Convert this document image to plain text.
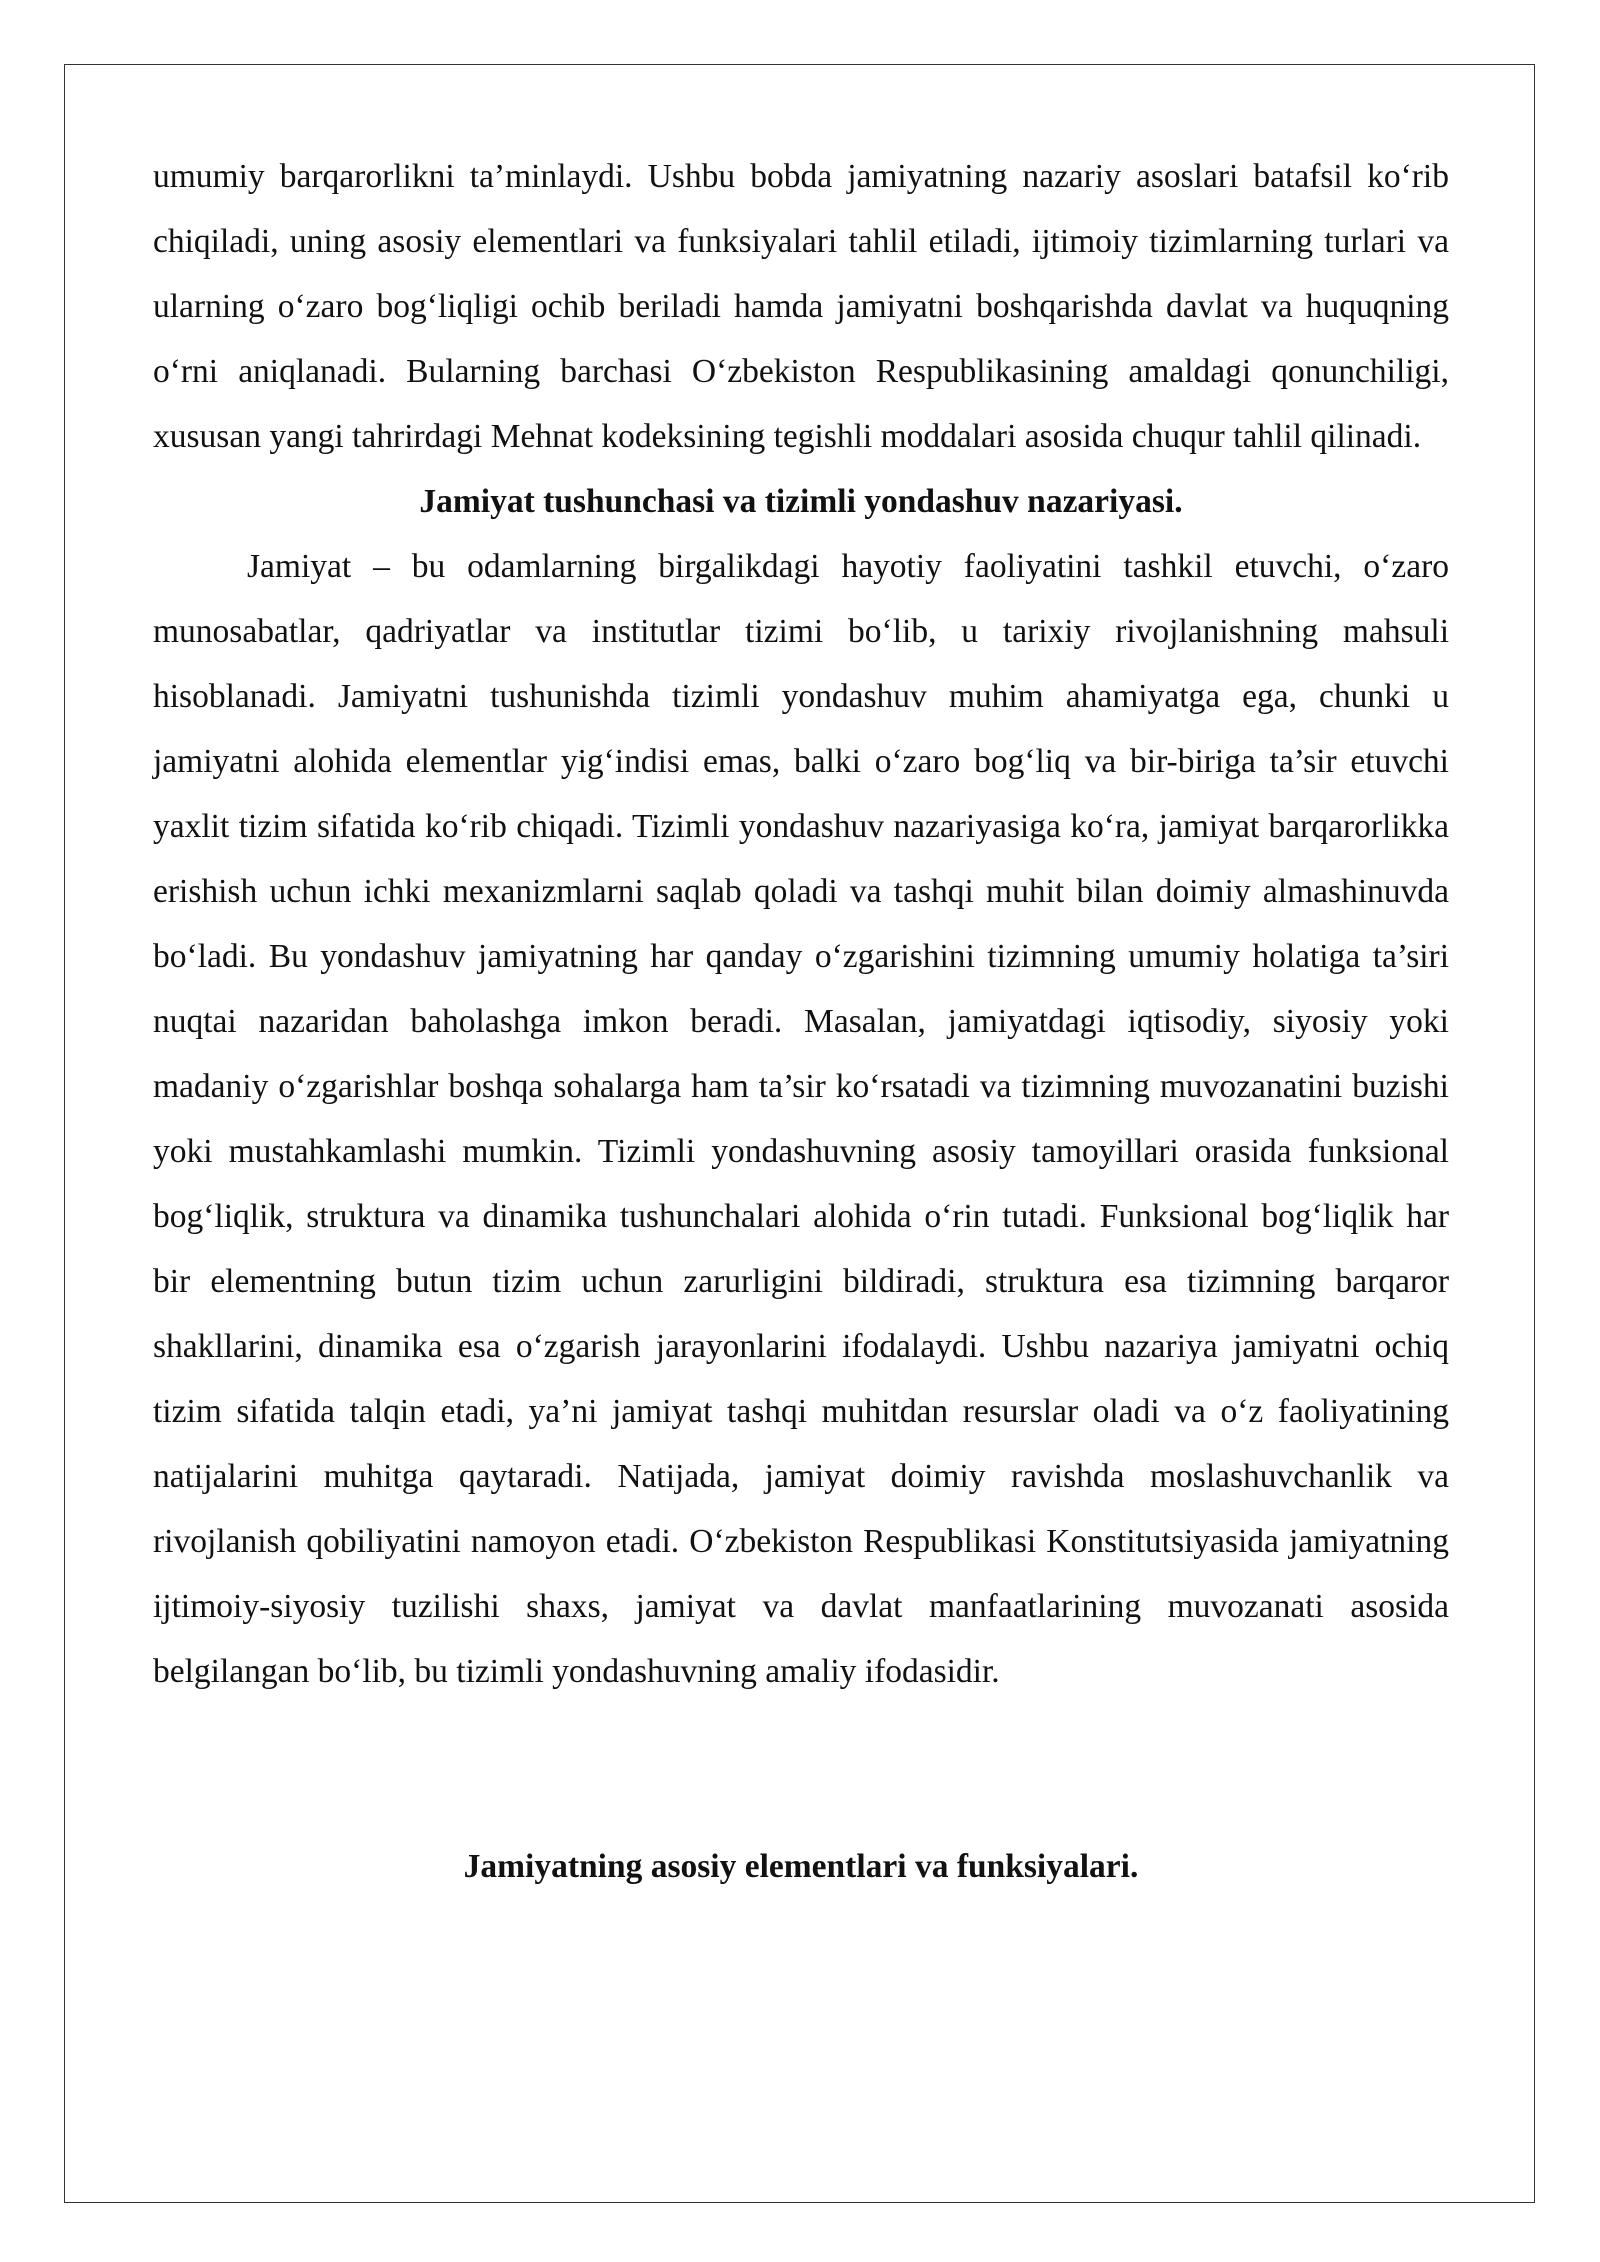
umumiy barqarorlikni ta’minlaydi. Ushbu bobda jamiyatning nazariy asoslari batafsil ko‘rib chiqiladi, uning asosiy elementlari va funksiyalari tahlil etiladi, ijtimoiy tizimlarning turlari va ularning o‘zaro bog‘liqligi ochib beriladi hamda jamiyatni boshqarishda davlat va huquqning o‘rni aniqlanadi. Bularning barchasi O‘zbekiston Respublikasining amaldagi qonunchiligi, xususan yangi tahrirdagi Mehnat kodeksining tegishli moddalari asosida chuqur tahlil qilinadi.

Jamiyat tushunchasi va tizimli yondashuv nazariyasi.

Jamiyat – bu odamlarning birgalikdagi hayotiy faoliyatini tashkil etuvchi, o‘zaro munosabatlar, qadriyatlar va institutlar tizimi bo‘lib, u tarixiy rivojlanishning mahsuli hisoblanadi. Jamiyatni tushunishda tizimli yondashuv muhim ahamiyatga ega, chunki u jamiyatni alohida elementlar yig‘indisi emas, balki o‘zaro bog‘liq va bir-biriga ta’sir etuvchi yaxlit tizim sifatida ko‘rib chiqadi. Tizimli yondashuv nazariyasiga ko‘ra, jamiyat barqarorlikka erishish uchun ichki mexanizmlarni saqlab qoladi va tashqi muhit bilan doimiy almashinuvda bo‘ladi. Bu yondashuv jamiyatning har qanday o‘zgarishini tizimning umumiy holatiga ta’siri nuqtai nazaridan baholashga imkon beradi. Masalan, jamiyatdagi iqtisodiy, siyosiy yoki madaniy o‘zgarishlar boshqa sohalarga ham ta’sir ko‘rsatadi va tizimning muvozanatini buzishi yoki mustahkamlashi mumkin. Tizimli yondashuvning asosiy tamoyillari orasida funksional bog‘liqlik, struktura va dinamika tushunchalari alohida o‘rin tutadi. Funksional bog‘liqlik har bir elementning butun tizim uchun zarurligini bildiradi, struktura esa tizimning barqaror shakllarini, dinamika esa o‘zgarish jarayonlarini ifodalaydi. Ushbu nazariya jamiyatni ochiq tizim sifatida talqin etadi, ya’ni jamiyat tashqi muhitdan resurslar oladi va o‘z faoliyatining natijalarini muhitga qaytaradi. Natijada, jamiyat doimiy ravishda moslashuvchanlik va rivojlanish qobiliyatini namoyon etadi. O‘zbekiston Respublikasi Konstitutsiyasida jamiyatning ijtimoiy-siyosiy tuzilishi shaxs, jamiyat va davlat manfaatlarining muvozanati asosida belgilangan bo‘lib, bu tizimli yondashuvning amaliy ifodasidir.

Jamiyatning asosiy elementlari va funksiyalari.
